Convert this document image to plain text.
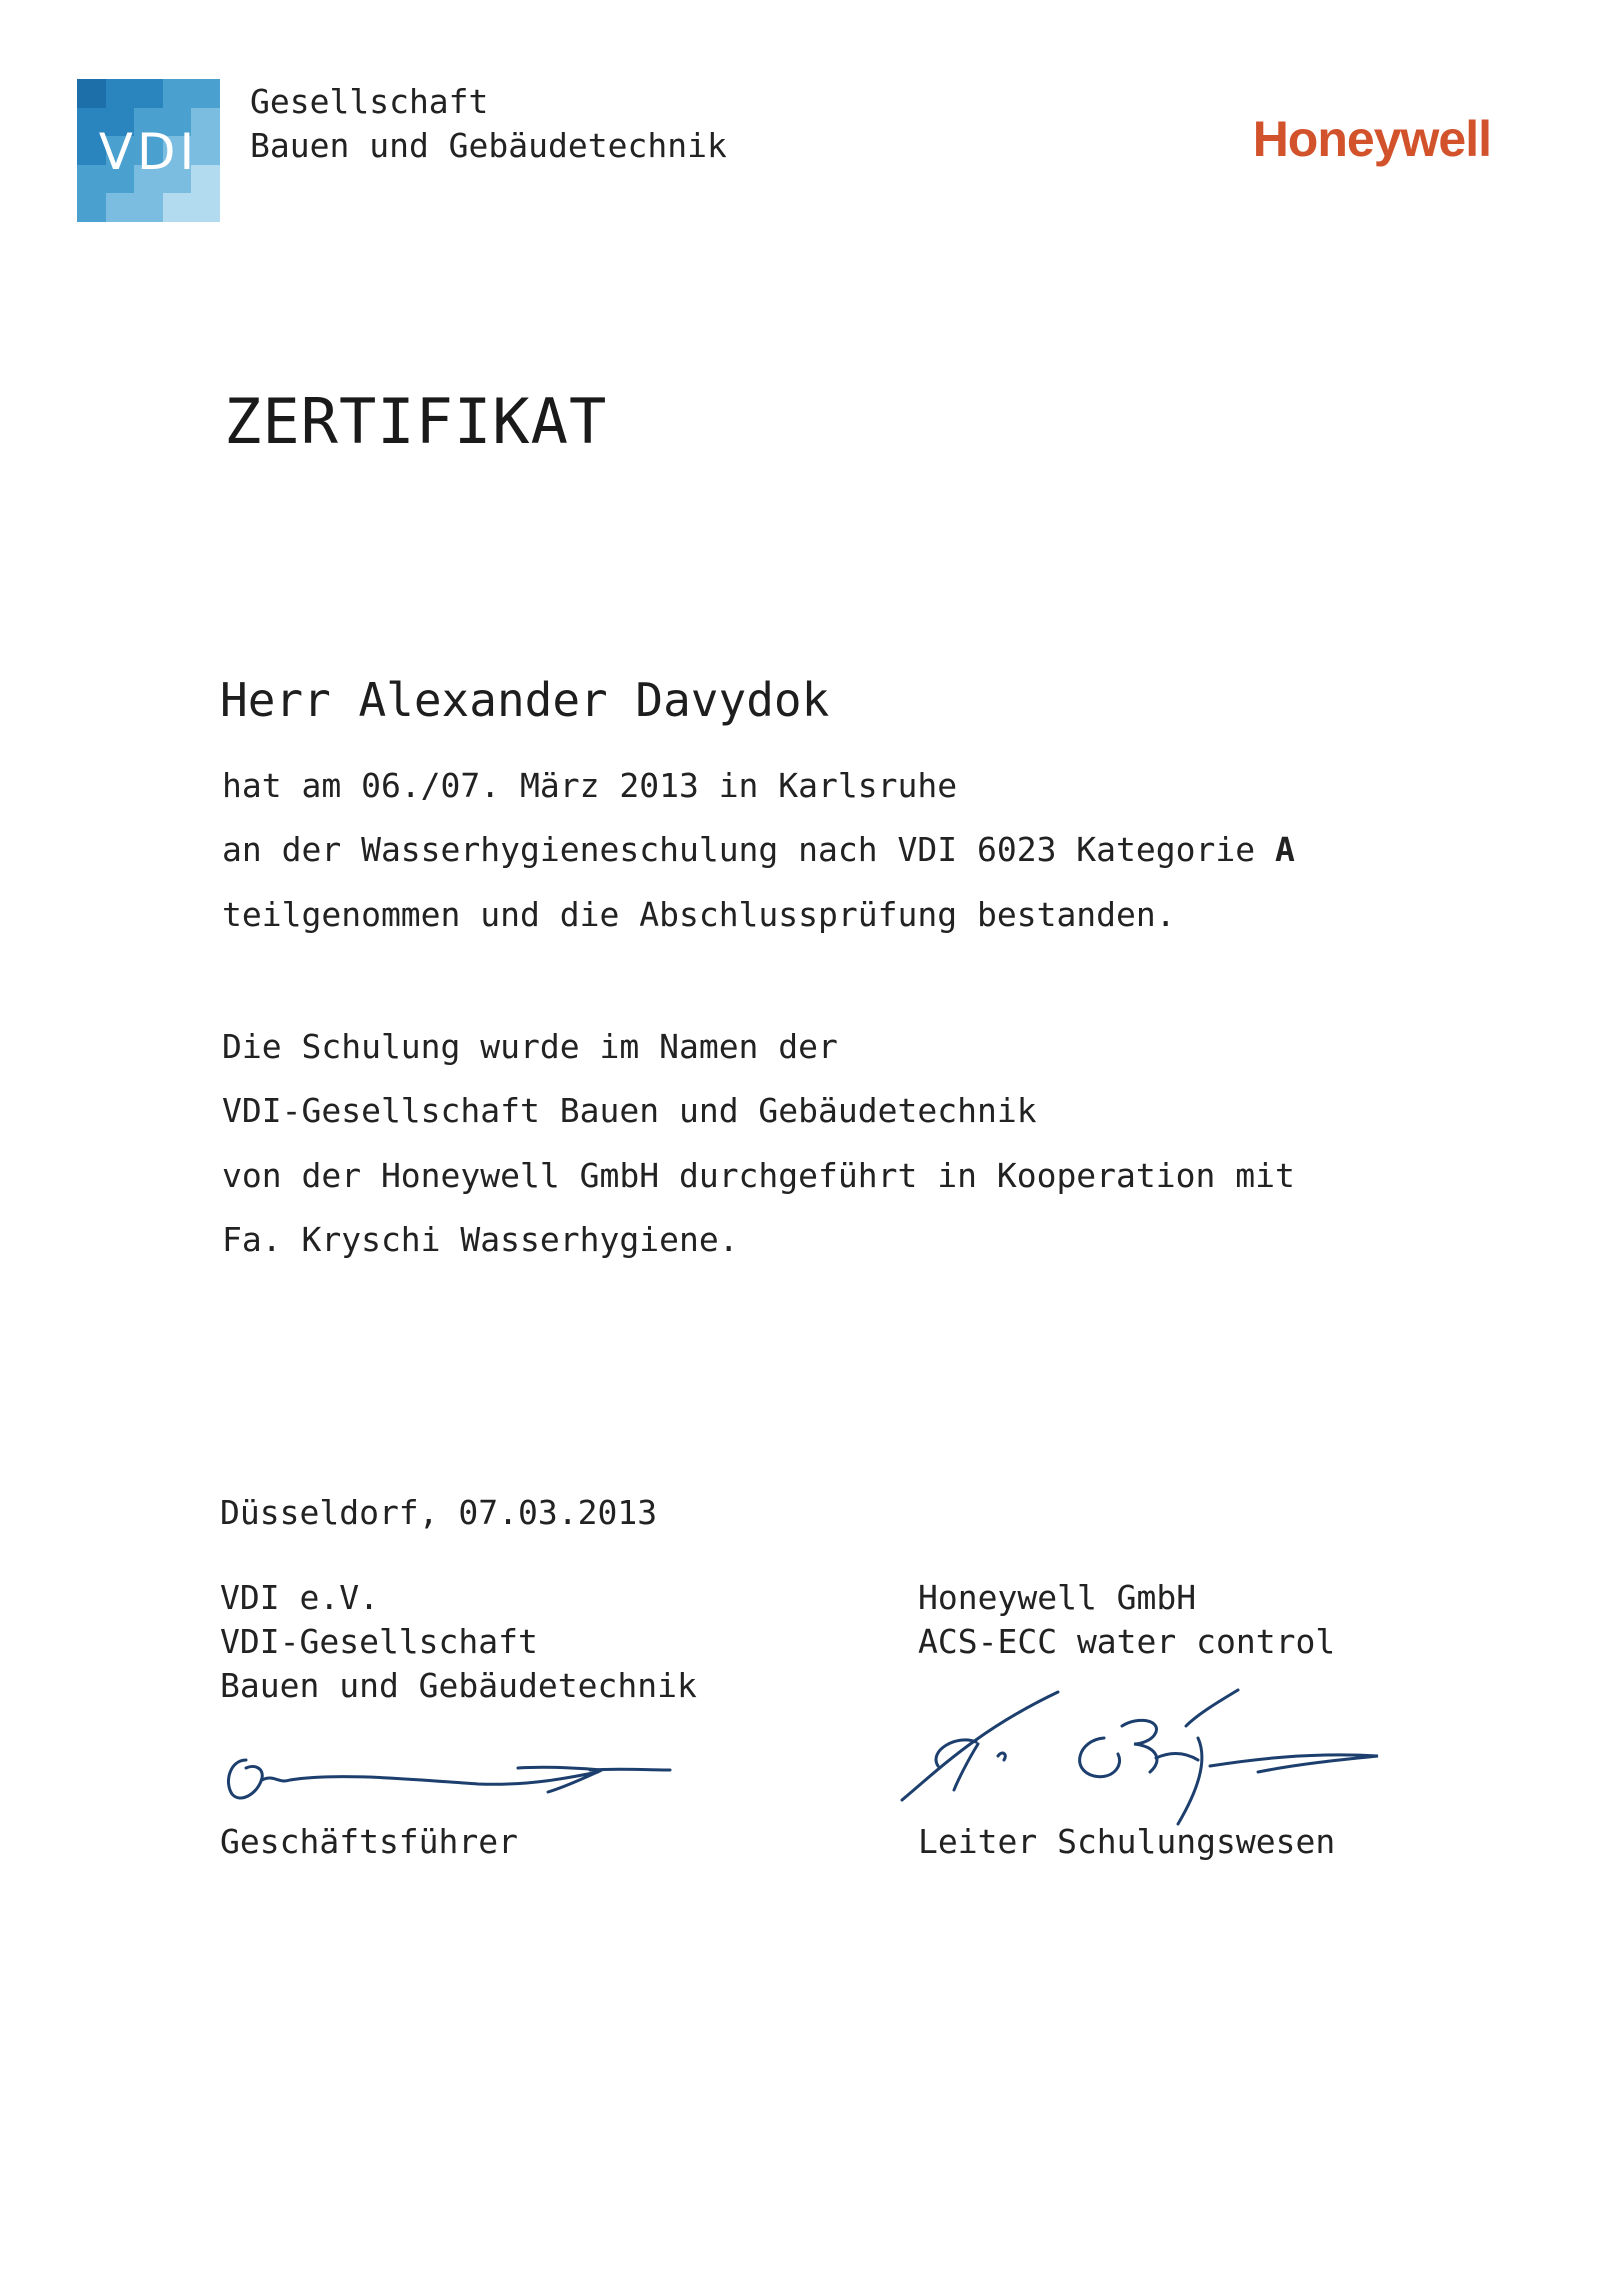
VDI
Gesellschaft
Bauen und Gebäudetechnik	Honeywell
ZERTIFIKAT
Herr Alexander Davydok
hat am 06./07. März 2013 in Karlsruhe
an der Wasserhygieneschulung nach VDI 6023 Kategorie A
teilgenommen und die Abschlussprüfung bestanden.
Die Schulung wurde im Namen der
VDI-Gesellschaft Bauen und Gebäudetechnik
von der Honeywell GmbH durchgeführt in Kooperation mit
Fa. Kryschi Wasserhygiene.
Düsseldorf, 07.03.2013
VDI e.V.
VDI-Gesellschaft
Bauen und Gebäudetechnik
Honeywell GmbH
ACS-ECC water control
Geschäftsführer	Leiter Schulungswesen
